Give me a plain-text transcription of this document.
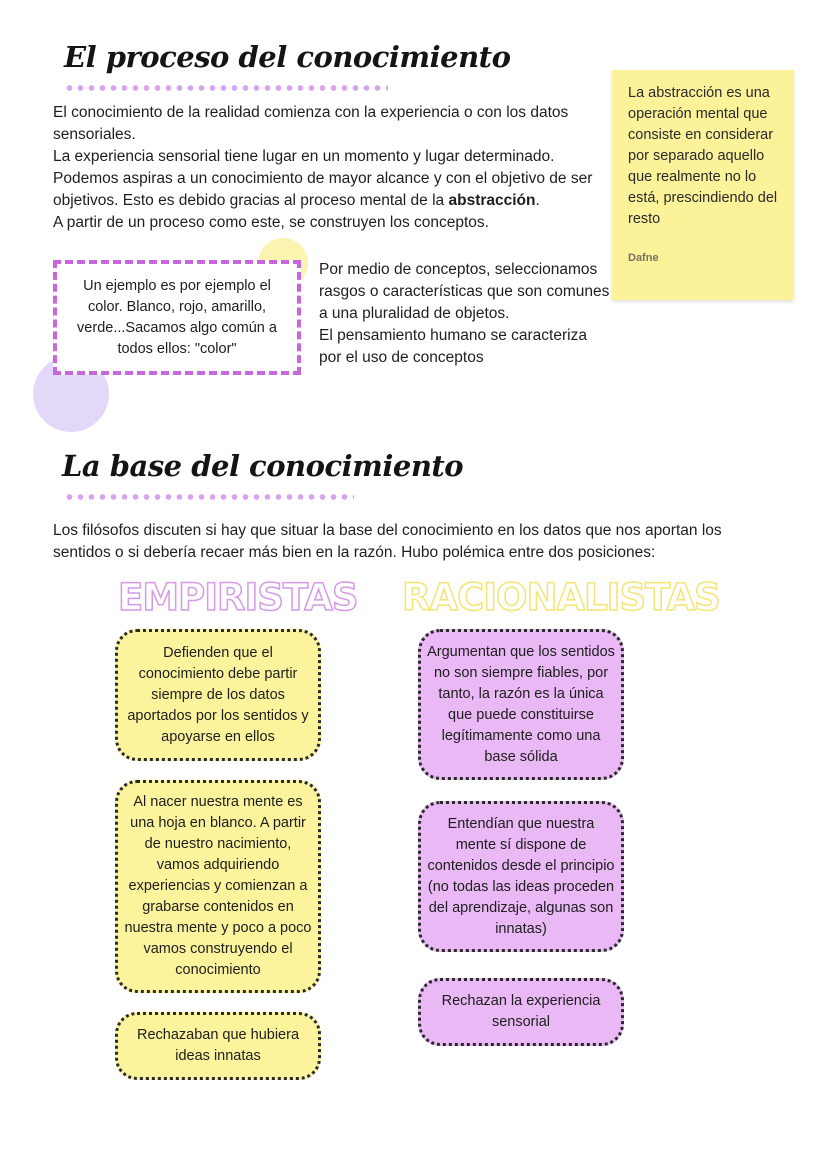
El proceso del conocimiento

El conocimiento de la realidad comienza con la experiencia o con los datos sensoriales.

La experiencia sensorial tiene lugar en un momento y lugar determinado.

Podemos aspiras a un conocimiento de mayor alcance y con el objetivo de ser objetivos. Esto es debido gracias al proceso mental de la abstracción.

A partir de un proceso como este, se construyen los conceptos.

La abstracción es una operación mental que consiste en considerar por separado aquello que realmente no lo está, prescindiendo del resto
Dafne
Un ejemplo es por ejemplo el color. Blanco, rojo, amarillo, verde...Sacamos algo común a todos ellos: "color"

Por medio de conceptos, seleccionamos rasgos o características que son comunes a una pluralidad de objetos.

El pensamiento humano se caracteriza por el uso de conceptos

La base del conocimiento
Los filósofos discuten si hay que situar la base del conocimiento en los datos que nos aportan los sentidos o si debería recaer más bien en la razón. Hubo polémica entre dos posiciones:
EMPIRISTAS RACIONALISTAS
Defienden que el conocimiento debe partir siempre de los datos aportados por los sentidos y apoyarse en ellos
Al nacer nuestra mente es una hoja en blanco. A partir de nuestro nacimiento, vamos adquiriendo experiencias y comienzan a grabarse contenidos en nuestra mente y poco a poco vamos construyendo el conocimiento
Rechazaban que hubiera ideas innatas
Argumentan que los sentidos no son siempre fiables, por tanto, la razón es la única que puede constituirse legítimamente como una base sólida
Entendían que nuestra mente sí dispone de contenidos desde el principio (no todas las ideas proceden del aprendizaje, algunas son innatas)
Rechazan la experiencia sensorial
